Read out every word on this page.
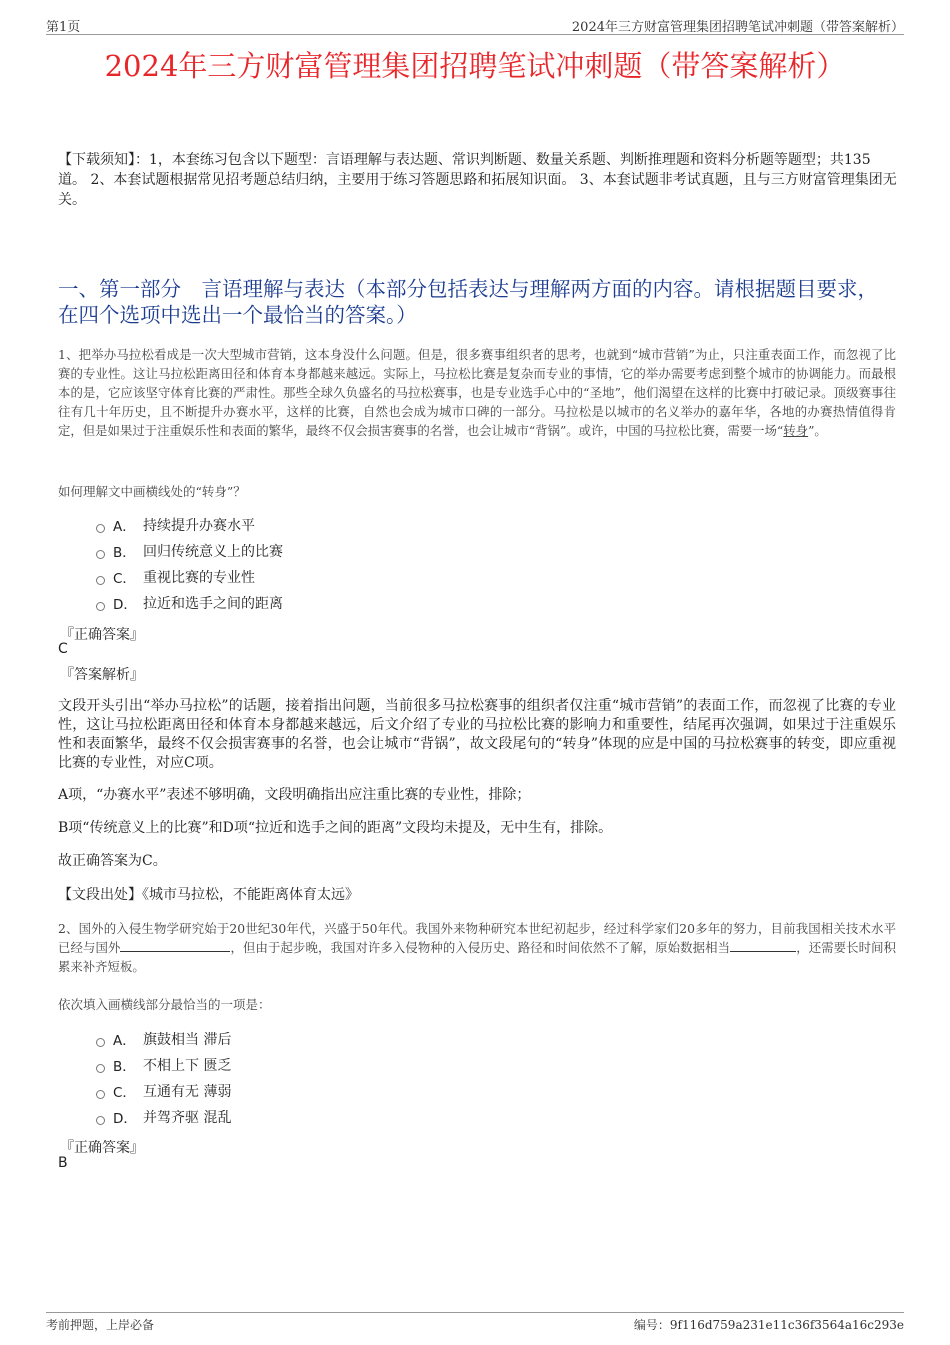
第1页	2024年三方财富管理集团招聘笔试冲刺题（带答案解析）
2024年三方财富管理集团招聘笔试冲刺题（带答案解析）
【下载须知】：1，本套练习包含以下题型：言语理解与表达题、常识判断题、数量关系题、判断推理题和资料分析题等题型；共135道。 2、本套试题根据常见招考题总结归纳，主要用于练习答题思路和拓展知识面。 3、本套试题非考试真题，且与三方财富管理集团无关。
一、第一部分　言语理解与表达（本部分包括表达与理解两方面的内容。请根据题目要求，在四个选项中选出一个最恰当的答案。）
1、把举办马拉松看成是一次大型城市营销，这本身没什么问题。但是，很多赛事组织者的思考，也就到“城市营销”为止，只注重表面工作，而忽视了比赛的专业性。这让马拉松距离田径和体育本身都越来越远。实际上，马拉松比赛是复杂而专业的事情，它的举办需要考虑到整个城市的协调能力。而最根本的是，它应该坚守体育比赛的严肃性。那些全球久负盛名的马拉松赛事，也是专业选手心中的“圣地”，他们渴望在这样的比赛中打破记录。顶级赛事往往有几十年历史，且不断提升办赛水平，这样的比赛，自然也会成为城市口碑的一部分。马拉松是以城市的名义举办的嘉年华，各地的办赛热情值得肯定，但是如果过于注重娱乐性和表面的繁华，最终不仅会损害赛事的名誉，也会让城市“背锅”。或许，中国的马拉松比赛，需要一场“转身”。
如何理解文中画横线处的“转身”？
A． 持续提升办赛水平
B． 回归传统意义上的比赛
C． 重视比赛的专业性
D． 拉近和选手之间的距离
『正确答案』
C
『答案解析』
文段开头引出“举办马拉松”的话题，接着指出问题，当前很多马拉松赛事的组织者仅注重“城市营销”的表面工作，而忽视了比赛的专业性，这让马拉松距离田径和体育本身都越来越远，后文介绍了专业的马拉松比赛的影响力和重要性，结尾再次强调，如果过于注重娱乐性和表面繁华，最终不仅会损害赛事的名誉，也会让城市“背锅”，故文段尾句的“转身”体现的应是中国的马拉松赛事的转变，即应重视比赛的专业性，对应C项。
A项，“办赛水平”表述不够明确，文段明确指出应注重比赛的专业性，排除；
B项“传统意义上的比赛”和D项“拉近和选手之间的距离”文段均未提及，无中生有，排除。
故正确答案为C。
【文段出处】《城市马拉松，不能距离体育太远》
2、国外的入侵生物学研究始于20世纪30年代，兴盛于50年代。我国外来物种研究本世纪初起步，经过科学家们20多年的努力，目前我国相关技术水平已经与国外	，但由于起步晚，我国对许多入侵物种的入侵历史、路径和时间依然不了解，原始数据相当	，还需要长时间积累来补齐短板。
依次填入画横线部分最恰当的一项是：
A． 旗鼓相当 滞后
B． 不相上下 匮乏
C． 互通有无 薄弱
D． 并驾齐驱 混乱
『正确答案』
B
考前押题，上岸必备	编号：9f116d759a231e11c36f3564a16c293e
